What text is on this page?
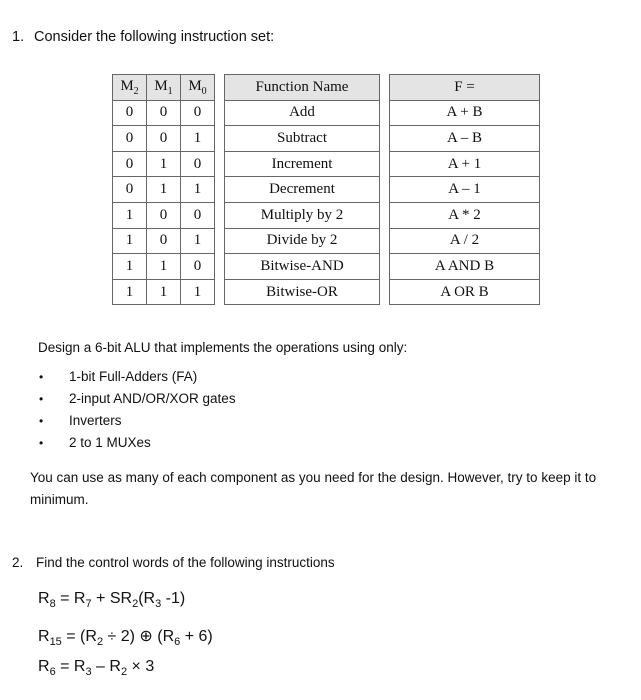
1. Consider the following instruction set:
$M_2$	$M_1$	$M_0$		Function Name		F =
0	0	0		Add		A + B
0	0	1		Subtract		A – B
0	1	0		Increment		A + 1
0	1	1		Decrement		A – 1
1	0	0		Multiply by 2		A * 2
1	0	1		Divide by 2		A / 2
1	1	0		Bitwise-AND		A AND B
1	1	1		Bitwise-OR		A OR B
Design a 6-bit ALU that implements the operations using only:
•	1-bit Full-Adders (FA)
•	2-input AND/OR/XOR gates
•	Inverters
•	2 to 1 MUXes
You can use as many of each component as you need for the design. However, try to keep it to minimum.
2. Find the control words of the following instructions
$R_8 = R_7 + SR_2(R_3$ -1)
$R_{15} = (R_2 \div 2)$ ⊕ $(R_6 + 6)$
$R_6 = R_3 - R_2 \times 3$
